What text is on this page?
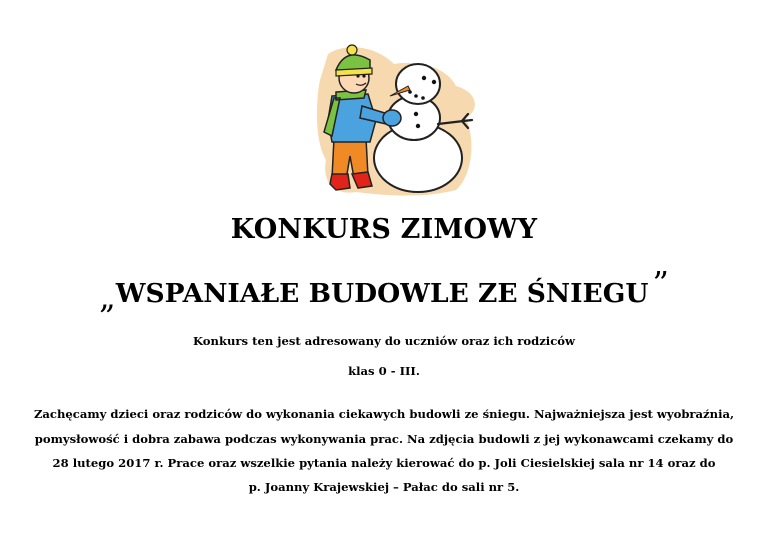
KONKURS ZIMOWY
„WSPANIAŁE BUDOWLE ZE ŚNIEGU ”
Konkurs ten jest adresowany do uczniów oraz ich rodziców
klas 0 - III.
Zachęcamy dzieci oraz rodziców do wykonania ciekawych budowli ze śniegu. Najważniejsza jest wyobraźnia,
pomysłowość i dobra zabawa podczas wykonywania prac. Na zdjęcia budowli z jej wykonawcami czekamy do
28 lutego 2017 r. Prace oraz wszelkie pytania należy kierować do p. Joli Ciesielskiej sala nr 14 oraz do
p. Joanny Krajewskiej – Pałac do sali nr 5.
